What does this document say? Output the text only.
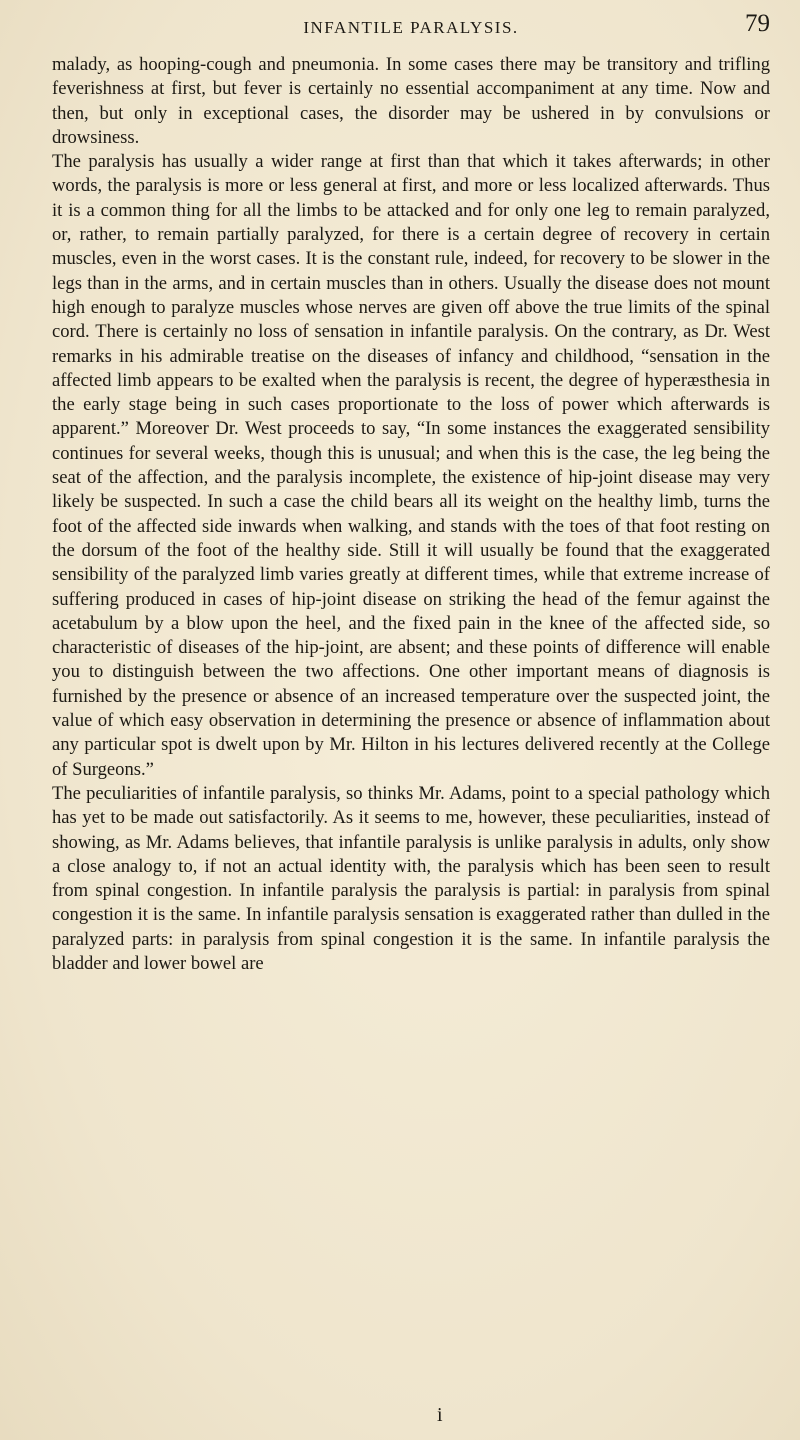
INFANTILE PARALYSIS.	79

malady, as hooping-cough and pneumonia. In some cases there may be transitory and trifling feverishness at first, but fever is certainly no essential accompaniment at any time. Now and then, but only in exceptional cases, the disorder may be ushered in by convulsions or drowsiness.

The paralysis has usually a wider range at first than that which it takes afterwards; in other words, the paralysis is more or less general at first, and more or less localized afterwards. Thus it is a common thing for all the limbs to be attacked and for only one leg to remain paralyzed, or, rather, to remain partially paralyzed, for there is a certain degree of recovery in certain muscles, even in the worst cases. It is the constant rule, indeed, for recovery to be slower in the legs than in the arms, and in certain muscles than in others. Usually the disease does not mount high enough to paralyze muscles whose nerves are given off above the true limits of the spinal cord. There is certainly no loss of sensation in infantile paralysis. On the contrary, as Dr. West remarks in his admirable treatise on the diseases of infancy and childhood, “sensation in the affected limb appears to be exalted when the paralysis is recent, the degree of hyperæsthesia in the early stage being in such cases proportionate to the loss of power which afterwards is apparent.” Moreover Dr. West proceeds to say, “In some instances the exaggerated sensibility continues for several weeks, though this is unusual; and when this is the case, the leg being the seat of the affection, and the paralysis incomplete, the existence of hip-joint disease may very likely be suspected. In such a case the child bears all its weight on the healthy limb, turns the foot of the affected side inwards when walking, and stands with the toes of that foot resting on the dorsum of the foot of the healthy side. Still it will usually be found that the exaggerated sensibility of the paralyzed limb varies greatly at different times, while that extreme increase of suffering produced in cases of hip-joint disease on striking the head of the femur against the acetabulum by a blow upon the heel, and the fixed pain in the knee of the affected side, so characteristic of diseases of the hip-joint, are absent; and these points of difference will enable you to distinguish between the two affections. One other important means of diagnosis is furnished by the presence or absence of an increased temperature over the suspected joint, the value of which easy observation in determining the presence or absence of inflammation about any particular spot is dwelt upon by Mr. Hilton in his lectures delivered recently at the College of Surgeons.”

The peculiarities of infantile paralysis, so thinks Mr. Adams, point to a special pathology which has yet to be made out satisfactorily. As it seems to me, however, these peculiarities, instead of showing, as Mr. Adams believes, that infantile paralysis is unlike paralysis in adults, only show a close analogy to, if not an actual identity with, the paralysis which has been seen to result from spinal congestion. In infantile paralysis the paralysis is partial: in paralysis from spinal congestion it is the same. In infantile paralysis sensation is exaggerated rather than dulled in the paralyzed parts: in paralysis from spinal congestion it is the same. In infantile paralysis the bladder and lower bowel are

i
